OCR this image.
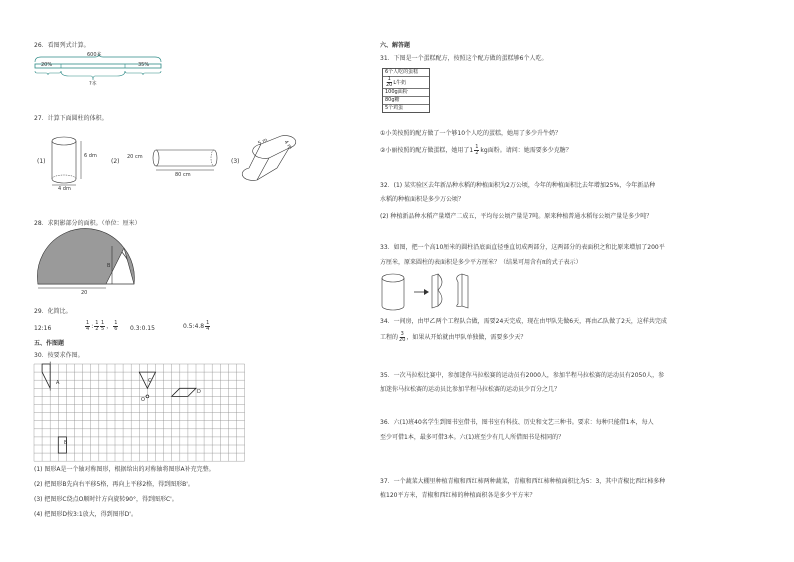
26．看图列式计算。
600本
20%	35%
?本
27．计算下面圆柱的体积。
(1)
6 dm
4 dm
(2)
20 cm
80 cm
(3)
5 m	4 m
28．求阴影部分的面积。（单位：厘米）
B
20
29．化简比。
12:16	$\frac{1}{4}$ : $\frac{1}{2} \frac{1}{5}$ ， $\frac{1}{6}$ 0.3:0.15	0.5:4.8 $\frac{1}{4}$
五、作图题
30．按要求作图。
A
B
C
O
D
(1) 图形A是一个轴对称图形，根据给出的对称轴将图形A补充完整。
(2) 把图形B先向右平移5格，再向上平移2格，得到图形B'。
(3) 把图形C绕点O顺时针方向旋转90°，得到图形C'。
(4) 把图形D按3:1放大，得到图形D'。
六、解答题
31．下图是一个蛋糕配方，按照这个配方做的蛋糕够6个人吃。
6个人吃的蛋糕
$\frac{1}{20}$ L牛奶
100g面粉
80g糖
5个鸡蛋
①小美按照的配方做了一个够10个人吃的蛋糕，她用了多少升牛奶？
②小丽按照的配方做蛋糕，她用了$1 \frac{1}{2}$ kg面粉。请问：她需要多少克糖？
32．(1) 某实验区去年新品种水稻的种植面积为2万公顷，今年的种植面积比去年增加25%，今年新品种
水稻的种植面积是多少万公顷？
(2) 种植新品种水稻产量增产二成五，平均每公顷产量是7吨。原来种植普通水稻每公顷产量是多少吨？
33．如图，把一个高10厘米的圆柱沿底面直径垂直切成两部分，这两部分的表面积之和比原来增加了200平
方厘米，原来圆柱的表面积是多少平方厘米？（结果可用含有π的式子表示）
34．一间房，由甲乙两个工程队合做，需要24天完成，现在由甲队先做6天，再由乙队做了2天，这样共完成
工程的 $\frac{3}{20}$ ，如果从开始就由甲队单独做，需要多少天？
35．一次马拉松比赛中，参加迷你马拉松赛的运动员有2000人，参加半程马拉松赛的运动员有2050人，参
加迷你马拉松赛的运动员比参加半程马拉松赛的运动员少百分之几？
36．六(1)班40名学生到图书室借书，图书室有科技、历史和文艺三种书。要求：每种只能借1本，每人
至少可借1本，最多可借3本。六(1)班至少有几人所借图书是相同的？
37．一个蔬菜大棚里种植青椒和西红柿两种蔬菜，青椒和西红柿种植面积比为5：3，其中青椒比西红柿多种
植120平方米，青椒和西红柿的种植面积各是多少平方米？
